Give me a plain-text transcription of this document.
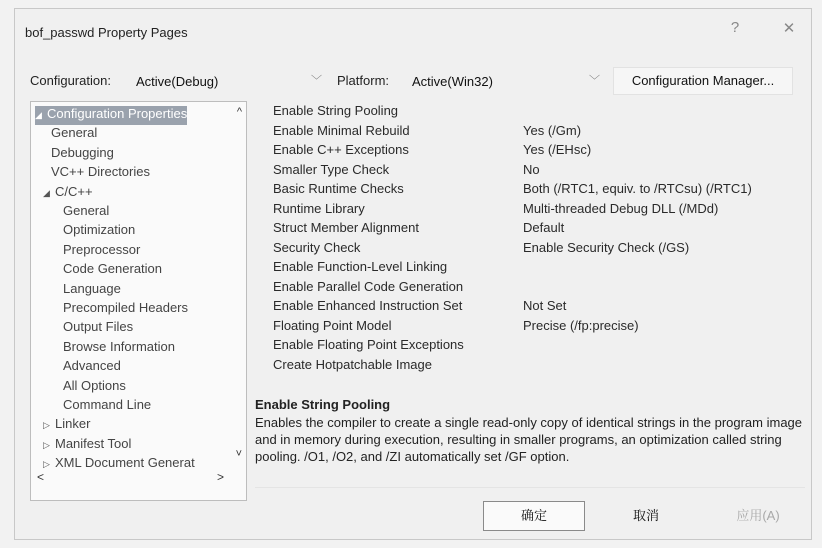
bof_passwd Property Pages	?	✕
Configuration: Active(Debug)	﹀ Platform: Active(Win32)	﹀	Configuration Manager...
^
˅
<	>
◢ Configuration Properties
General
Debugging
VC++ Directories
◢ C/C++
General
Optimization
Preprocessor
Code Generation
Language
Precompiled Headers
Output Files
Browse Information
Advanced
All Options
Command Line
▷ Linker
▷ Manifest Tool
▷ XML Document Generat
Enable String Pooling
Enable Minimal Rebuild	Yes (/Gm)
Enable C++ Exceptions	Yes (/EHsc)
Smaller Type Check	No
Basic Runtime Checks	Both (/RTC1, equiv. to /RTCsu) (/RTC1)
Runtime Library	Multi-threaded Debug DLL (/MDd)
Struct Member Alignment	Default
Security Check	Enable Security Check (/GS)
Enable Function-Level Linking
Enable Parallel Code Generation
Enable Enhanced Instruction Set	Not Set
Floating Point Model	Precise (/fp:precise)
Enable Floating Point Exceptions
Create Hotpatchable Image
Enable String Pooling
Enables the compiler to create a single read-only copy of identical strings in the program image and in memory during execution, resulting in smaller programs, an optimization called string pooling. /O1, /O2, and /ZI automatically set /GF option.
确定	取消	应用(A)
